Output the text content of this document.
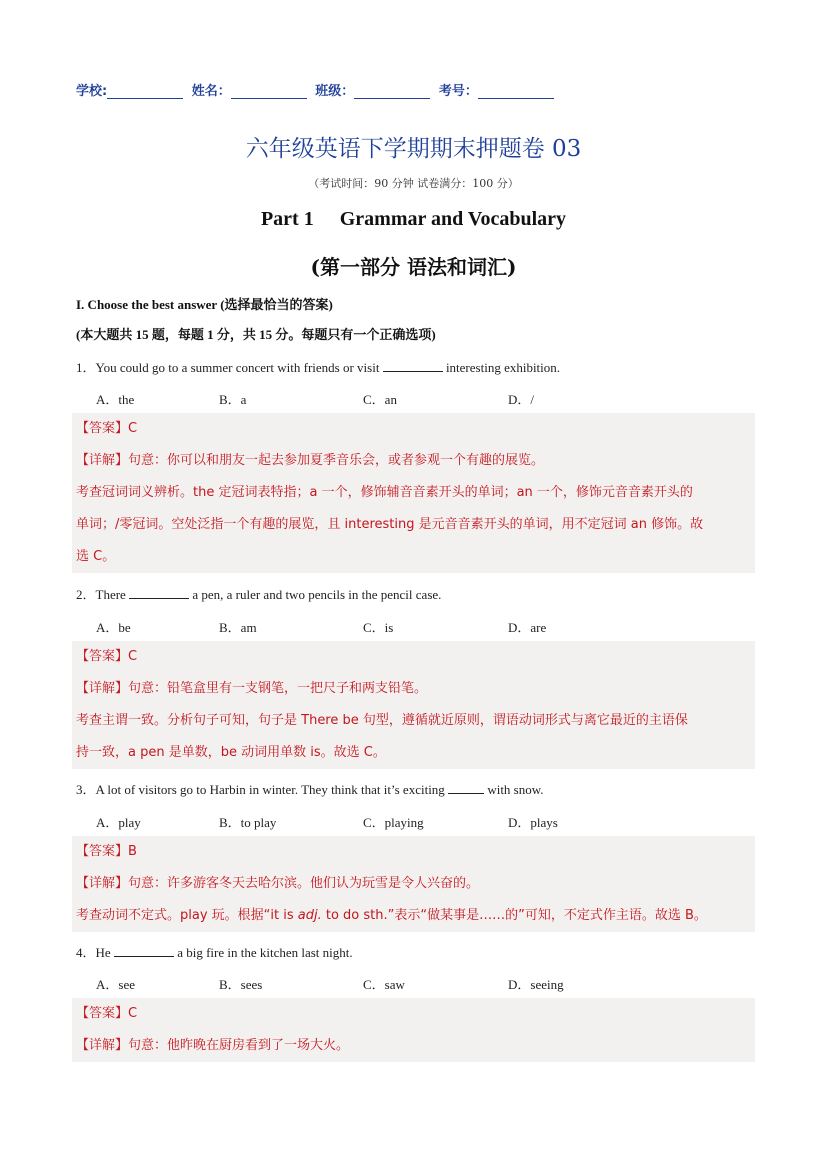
学校:	姓名：	班级：	考号：
六年级英语下学期期末押题卷 03
（考试时间：90 分钟 试卷满分：100 分）
Part 1 Grammar and Vocabulary
(第一部分 语法和词汇)
I. Choose the best answer (选择最恰当的答案)
(本大题共 15 题，每题 1 分，共 15 分。每题只有一个正确选项)
1．You could go to a summer concert with friends or visit	interesting exhibition.
A．the	B．a	C．an	D．/
【答案】C
【详解】句意：你可以和朋友一起去参加夏季音乐会，或者参观一个有趣的展览。
考查冠词词义辨析。the 定冠词表特指；a 一个，修饰辅音音素开头的单词；an 一个，修饰元音音素开头的
单词；/零冠词。空处泛指一个有趣的展览，且 interesting 是元音音素开头的单词，用不定冠词 an 修饰。故
选 C。
2．There	a pen, a ruler and two pencils in the pencil case.
A．be	B．am	C．is	D．are
【答案】C
【详解】句意：铅笔盒里有一支钢笔，一把尺子和两支铅笔。
考查主谓一致。分析句子可知，句子是 There be 句型，遵循就近原则，谓语动词形式与离它最近的主语保
持一致，a pen 是单数，be 动词用单数 is。故选 C。
3．A lot of visitors go to Harbin in winter. They think that it’s exciting	with snow.
A．play	B．to play	C．playing	D．plays
【答案】B
【详解】句意：许多游客冬天去哈尔滨。他们认为玩雪是令人兴奋的。
考查动词不定式。play 玩。根据“it is adj. to do sth.”表示“做某事是……的”可知，不定式作主语。故选 B。
4．He	a big fire in the kitchen last night.
A．see	B．sees	C．saw	D．seeing
【答案】C
【详解】句意：他昨晚在厨房看到了一场大火。
